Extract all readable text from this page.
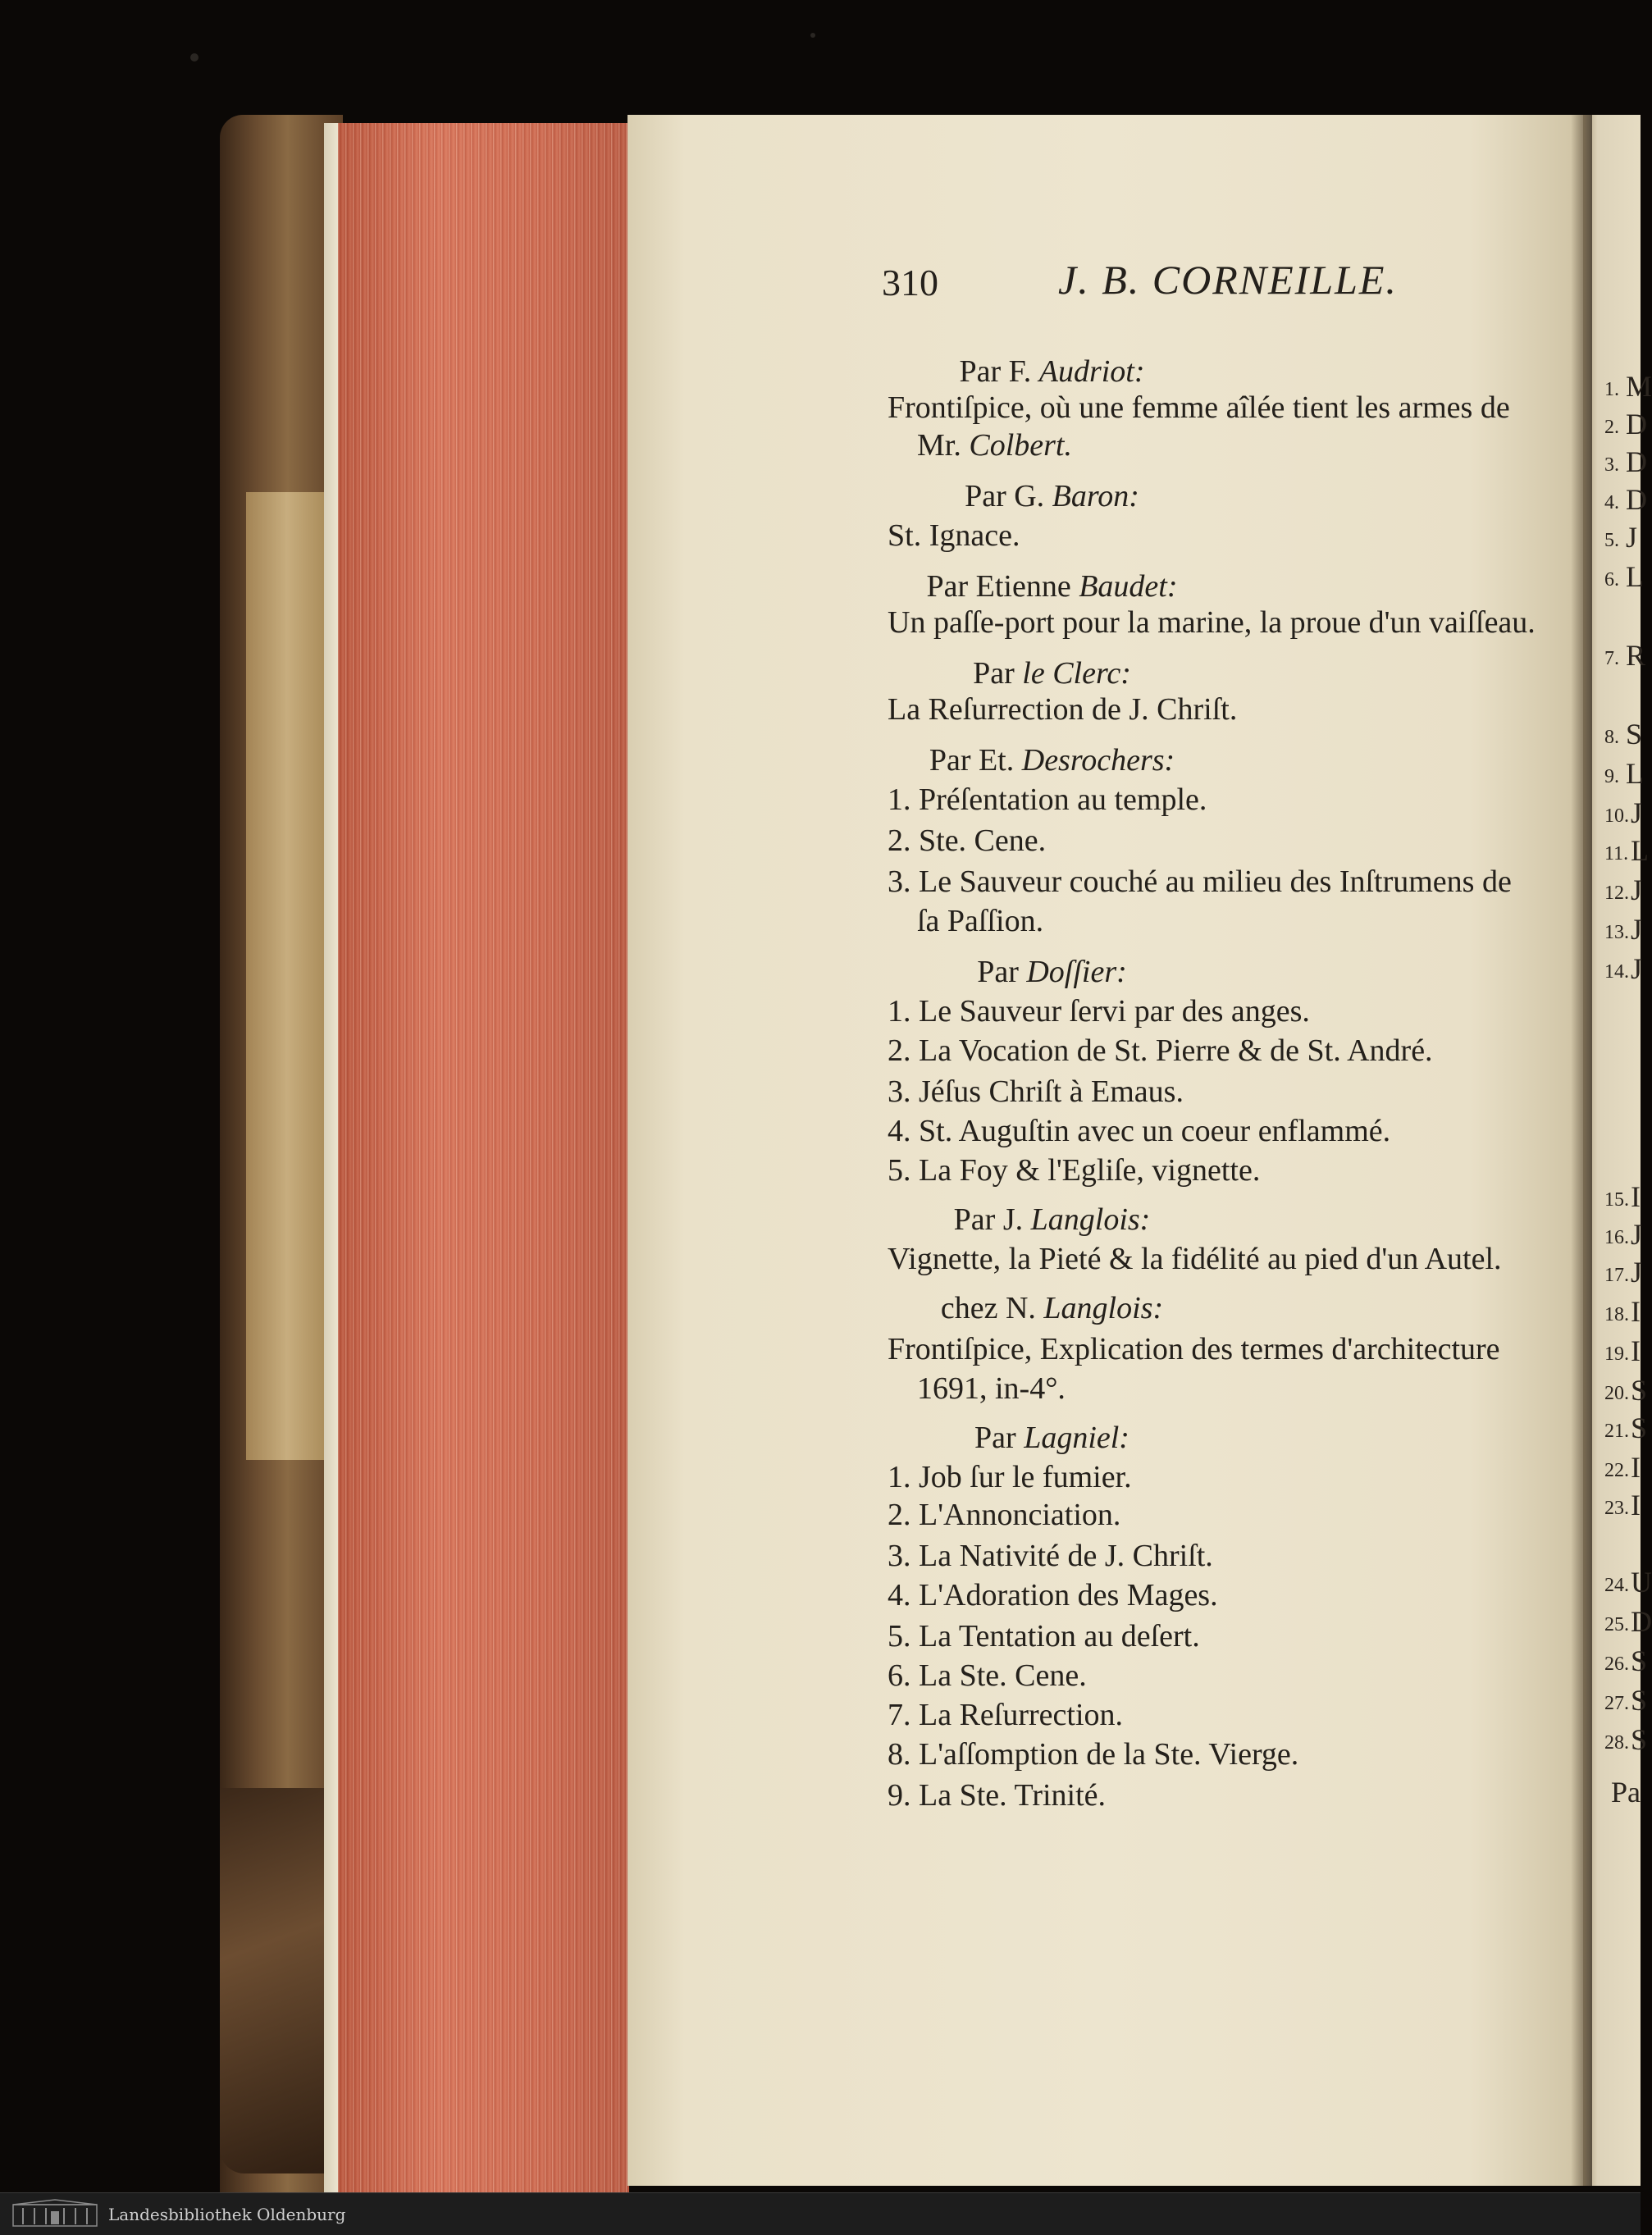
310	J. B. CORNEILLE.
Par F. Audriot:
Frontiſpice, où une femme aîlée tient les armes de
Mr. Colbert.
Par G. Baron:
St. Ignace.
Par Etienne Baudet:
Un paſſe-port pour la marine, la proue d'un vaiſſeau.
Par le Clerc:
La Reſurrection de J. Chriſt.
Par Et. Desrochers:
1. Préſentation au temple.
2. Ste. Cene.
3. Le Sauveur couché au milieu des Inſtrumens de
ſa Paſſion.
Par Doſſier:
1. Le Sauveur ſervi par des anges.
2. La Vocation de St. Pierre & de St. André.
3. Jéſus Chriſt à Emaus.
4. St. Auguſtin avec un coeur enflammé.
5. La Foy & l'Egliſe, vignette.
Par J. Langlois:
Vignette, la Pieté & la fidélité au pied d'un Autel.
chez N. Langlois:
Frontiſpice, Explication des termes d'architecture
1691, in-4°.
Par Lagniel:
1. Job ſur le fumier.
2. L'Annonciation.
3. La Nativité de J. Chriſt.
4. L'Adoration des Mages.
5. La Tentation au deſert.
6. La Ste. Cene.
7. La Reſurrection.
8. L'aſſomption de la Ste. Vierge.
9. La Ste. Trinité.
1. M
2. D
3. D
4. D
5. J
6. L
7. R
8. S
9. L
10. J
11. L
12. J
13. J
14. J
15. I
16. J
17. J
18. I
19. I
20. S
21. S
22. I
23. I
24. U
25. D
26. S
27. S
28. S
Pa
Landesbibliothek Oldenburg
